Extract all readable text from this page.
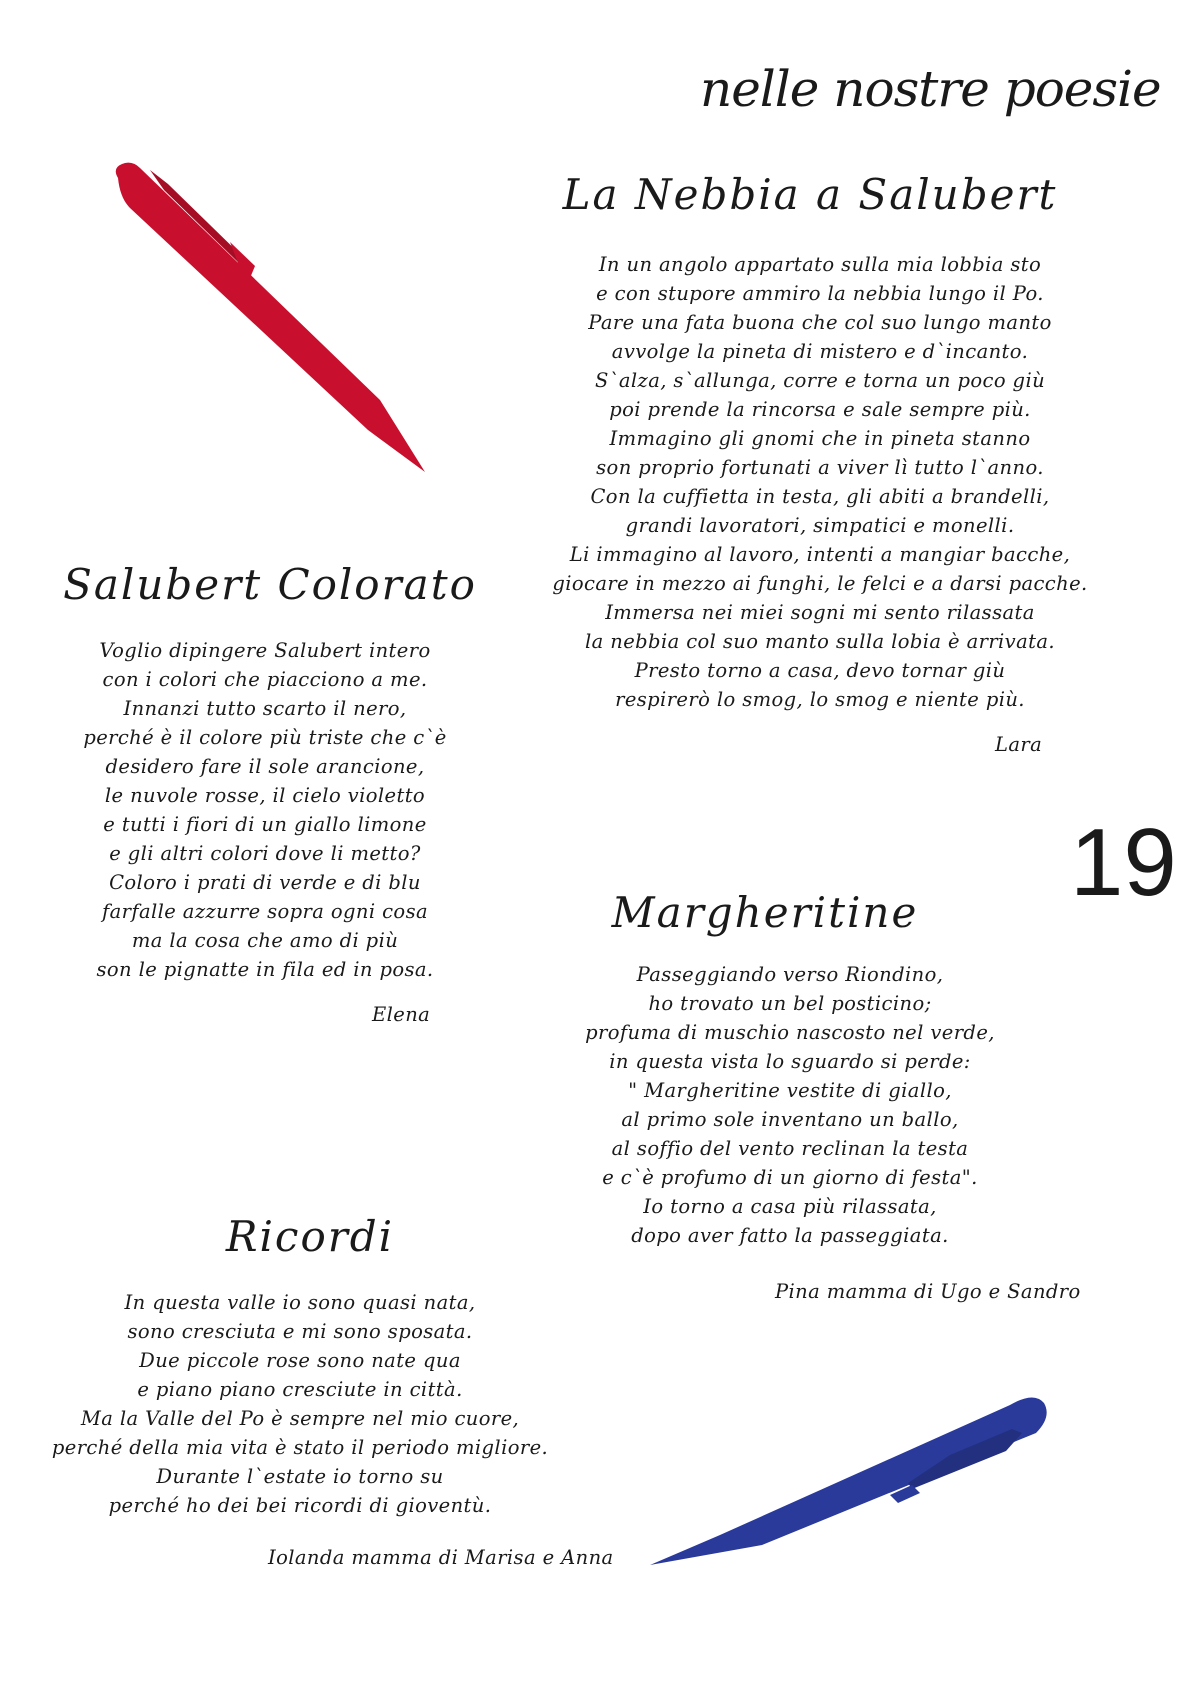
nelle nostre poesie
La Nebbia a Salubert
In un angolo appartato sulla mia lobbia sto
e con stupore ammiro la nebbia lungo il Po.
Pare una fata buona che col suo lungo manto
avvolge la pineta di mistero e d`incanto.
S`alza, s`allunga, corre e torna un poco giù
poi prende la rincorsa e sale sempre più.
Immagino gli gnomi che in pineta stanno
son proprio fortunati a viver lì tutto l`anno.
Con la cuffietta in testa, gli abiti a brandelli,
grandi lavoratori, simpatici e monelli.
Li immagino al lavoro, intenti a mangiar bacche,
giocare in mezzo ai funghi, le felci e a darsi pacche.
Immersa nei miei sogni mi sento rilassata
la nebbia col suo manto sulla lobia è arrivata.
Presto torno a casa, devo tornar giù
respirerò lo smog, lo smog e niente più.
Lara
Salubert Colorato
Voglio dipingere Salubert intero
con i colori che piacciono a me.
Innanzi tutto scarto il nero,
perché è il colore più triste che c`è
desidero fare il sole arancione,
le nuvole rosse, il cielo violetto
e tutti i fiori di un giallo limone
e gli altri colori dove li metto?
Coloro i prati di verde e di blu
farfalle azzurre sopra ogni cosa
ma la cosa che amo di più
son le pignatte in fila ed in posa.
Elena
19
Margheritine
Passeggiando verso Riondino,
ho trovato un bel posticino;
profuma di muschio nascosto nel verde,
in questa vista lo sguardo si perde:
" Margheritine vestite di giallo,
al primo sole inventano un ballo,
al soffio del vento reclinan la testa
e c`è profumo di un giorno di festa".
Io torno a casa più rilassata,
dopo aver fatto la passeggiata.
Pina mamma di Ugo e Sandro
Ricordi
In questa valle io sono quasi nata,
sono cresciuta e mi sono sposata.
Due piccole rose sono nate qua
e piano piano cresciute in città.
Ma la Valle del Po è sempre nel mio cuore,
perché della mia vita è stato il periodo migliore.
Durante l`estate io torno su
perché ho dei bei ricordi di gioventù.
Iolanda mamma di Marisa e Anna
